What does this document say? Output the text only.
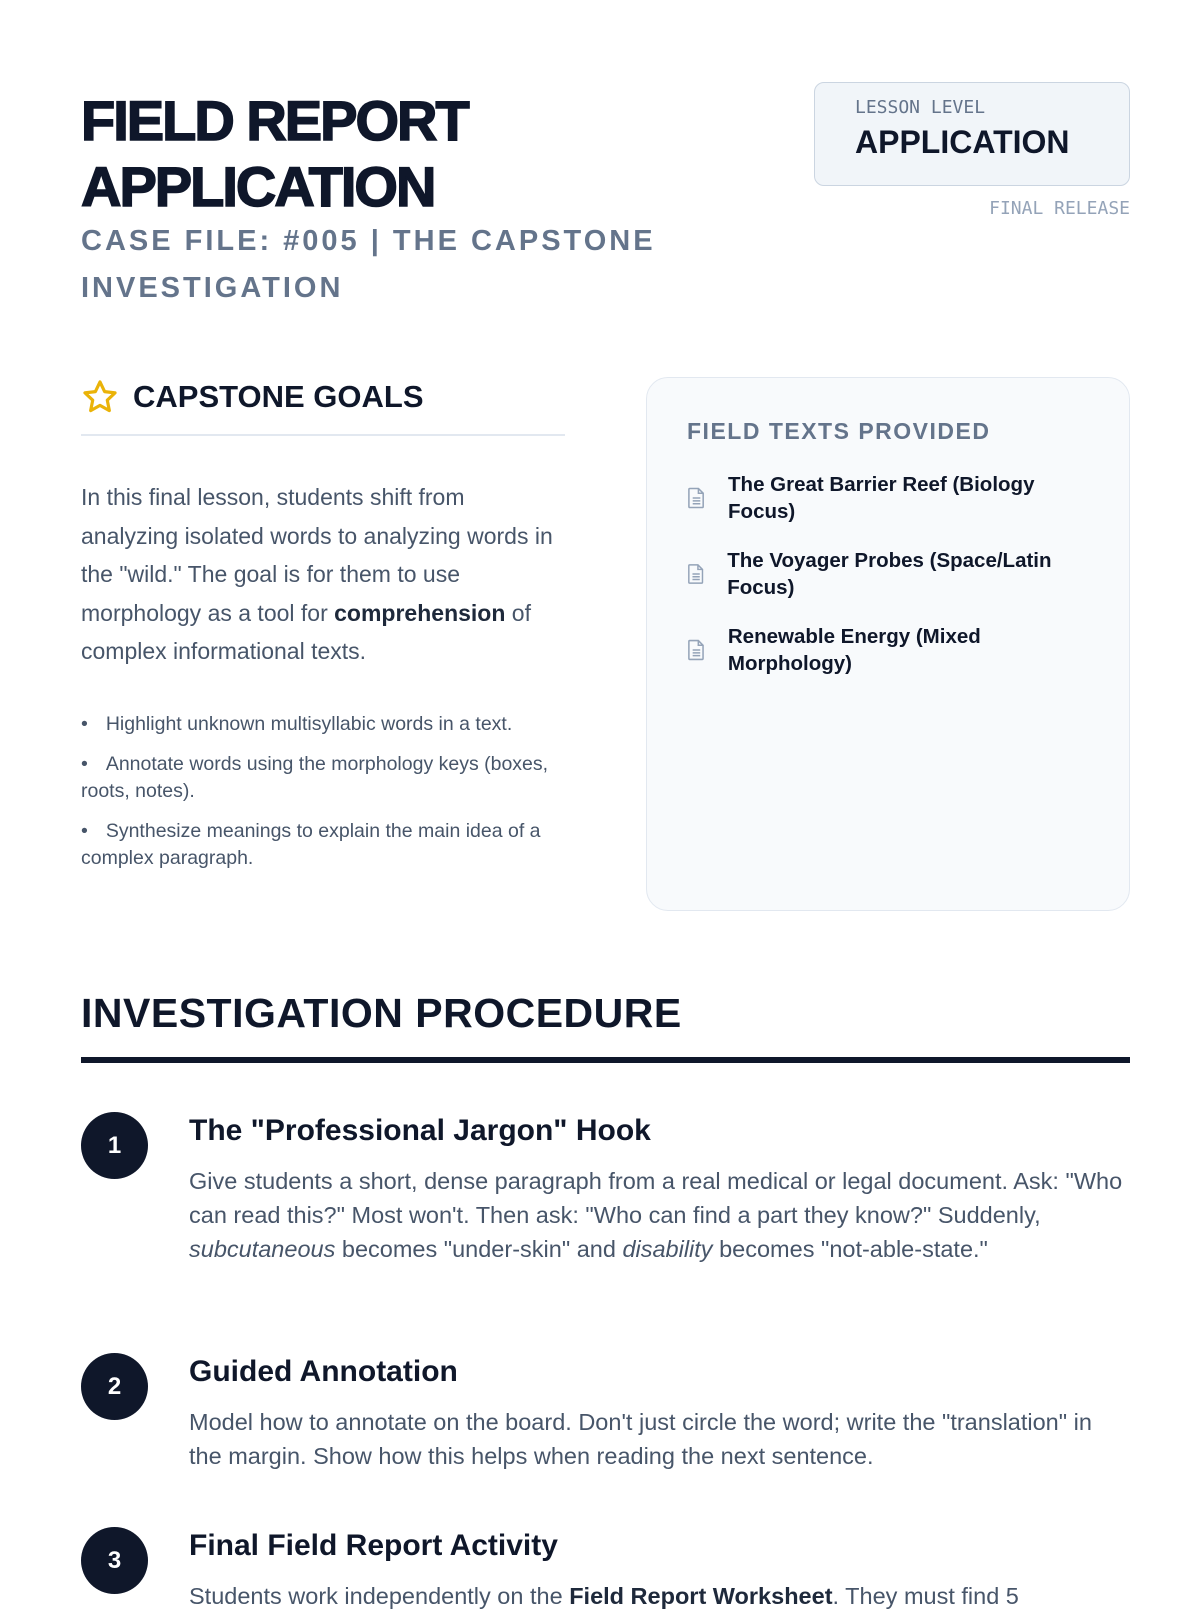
FIELD REPORT
APPLICATION
CASE FILE: #005 | THE CAPSTONE INVESTIGATION
LESSON LEVEL
APPLICATION
FINAL RELEASE
CAPSTONE GOALS

In this final lesson, students shift from analyzing isolated words to analyzing words in the "wild." The goal is for them to use morphology as a tool for comprehension of complex informational texts.

• Highlight unknown multisyllabic words in a text.
• Annotate words using the morphology keys (boxes, roots, notes).
• Synthesize meanings to explain the main idea of a complex paragraph.
FIELD TEXTS PROVIDED
The Great Barrier Reef (Biology Focus)
The Voyager Probes (Space/Latin Focus)
Renewable Energy (Mixed Morphology)
INVESTIGATION PROCEDURE
1	The "Professional Jargon" Hook

Give students a short, dense paragraph from a real medical or legal document. Ask: "Who can read this?" Most won't. Then ask: "Who can find a part they know?" Suddenly, subcutaneous becomes "under-skin" and disability becomes "not-able-state."

2	Guided Annotation

Model how to annotate on the board. Don't just circle the word; write the "translation" in the margin. Show how this helps when reading the next sentence.

3	Final Field Report Activity

Students work independently on the Field Report Worksheet. They must find 5
